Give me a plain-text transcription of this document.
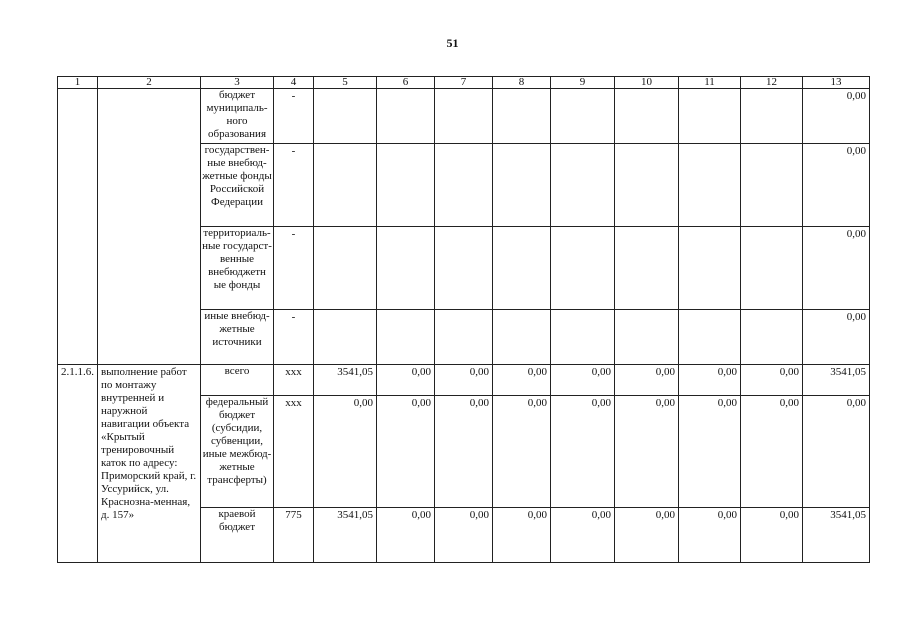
51
1	2	3	4	5	6	7	8	9	10	11	12	13
		бюджет муниципального образования	-									0,00
		государствен-ные внебюд-жетные фонды Российской Федерации	-									0,00
		территориаль-ные государст-венные внебюджетн ые фонды	-									0,00
		иные внебюд-жетные источники	-									0,00
2.1.1.6.	выполнение работ по монтажу внутренней и наружной навигации объекта «Крытый тренировочный каток по адресу: Приморский край, г. Уссурийск, ул. Краснозна-менная, д. 157»	всего	ххх	3541,05	0,00	0,00	0,00	0,00	0,00	0,00	0,00	3541,05
		федеральный бюджет (субсидии, субвенции, иные межбюд-жетные трансферты)	ххх	0,00	0,00	0,00	0,00	0,00	0,00	0,00	0,00	0,00
		краевой бюджет	775	3541,05	0,00	0,00	0,00	0,00	0,00	0,00	0,00	3541,05
